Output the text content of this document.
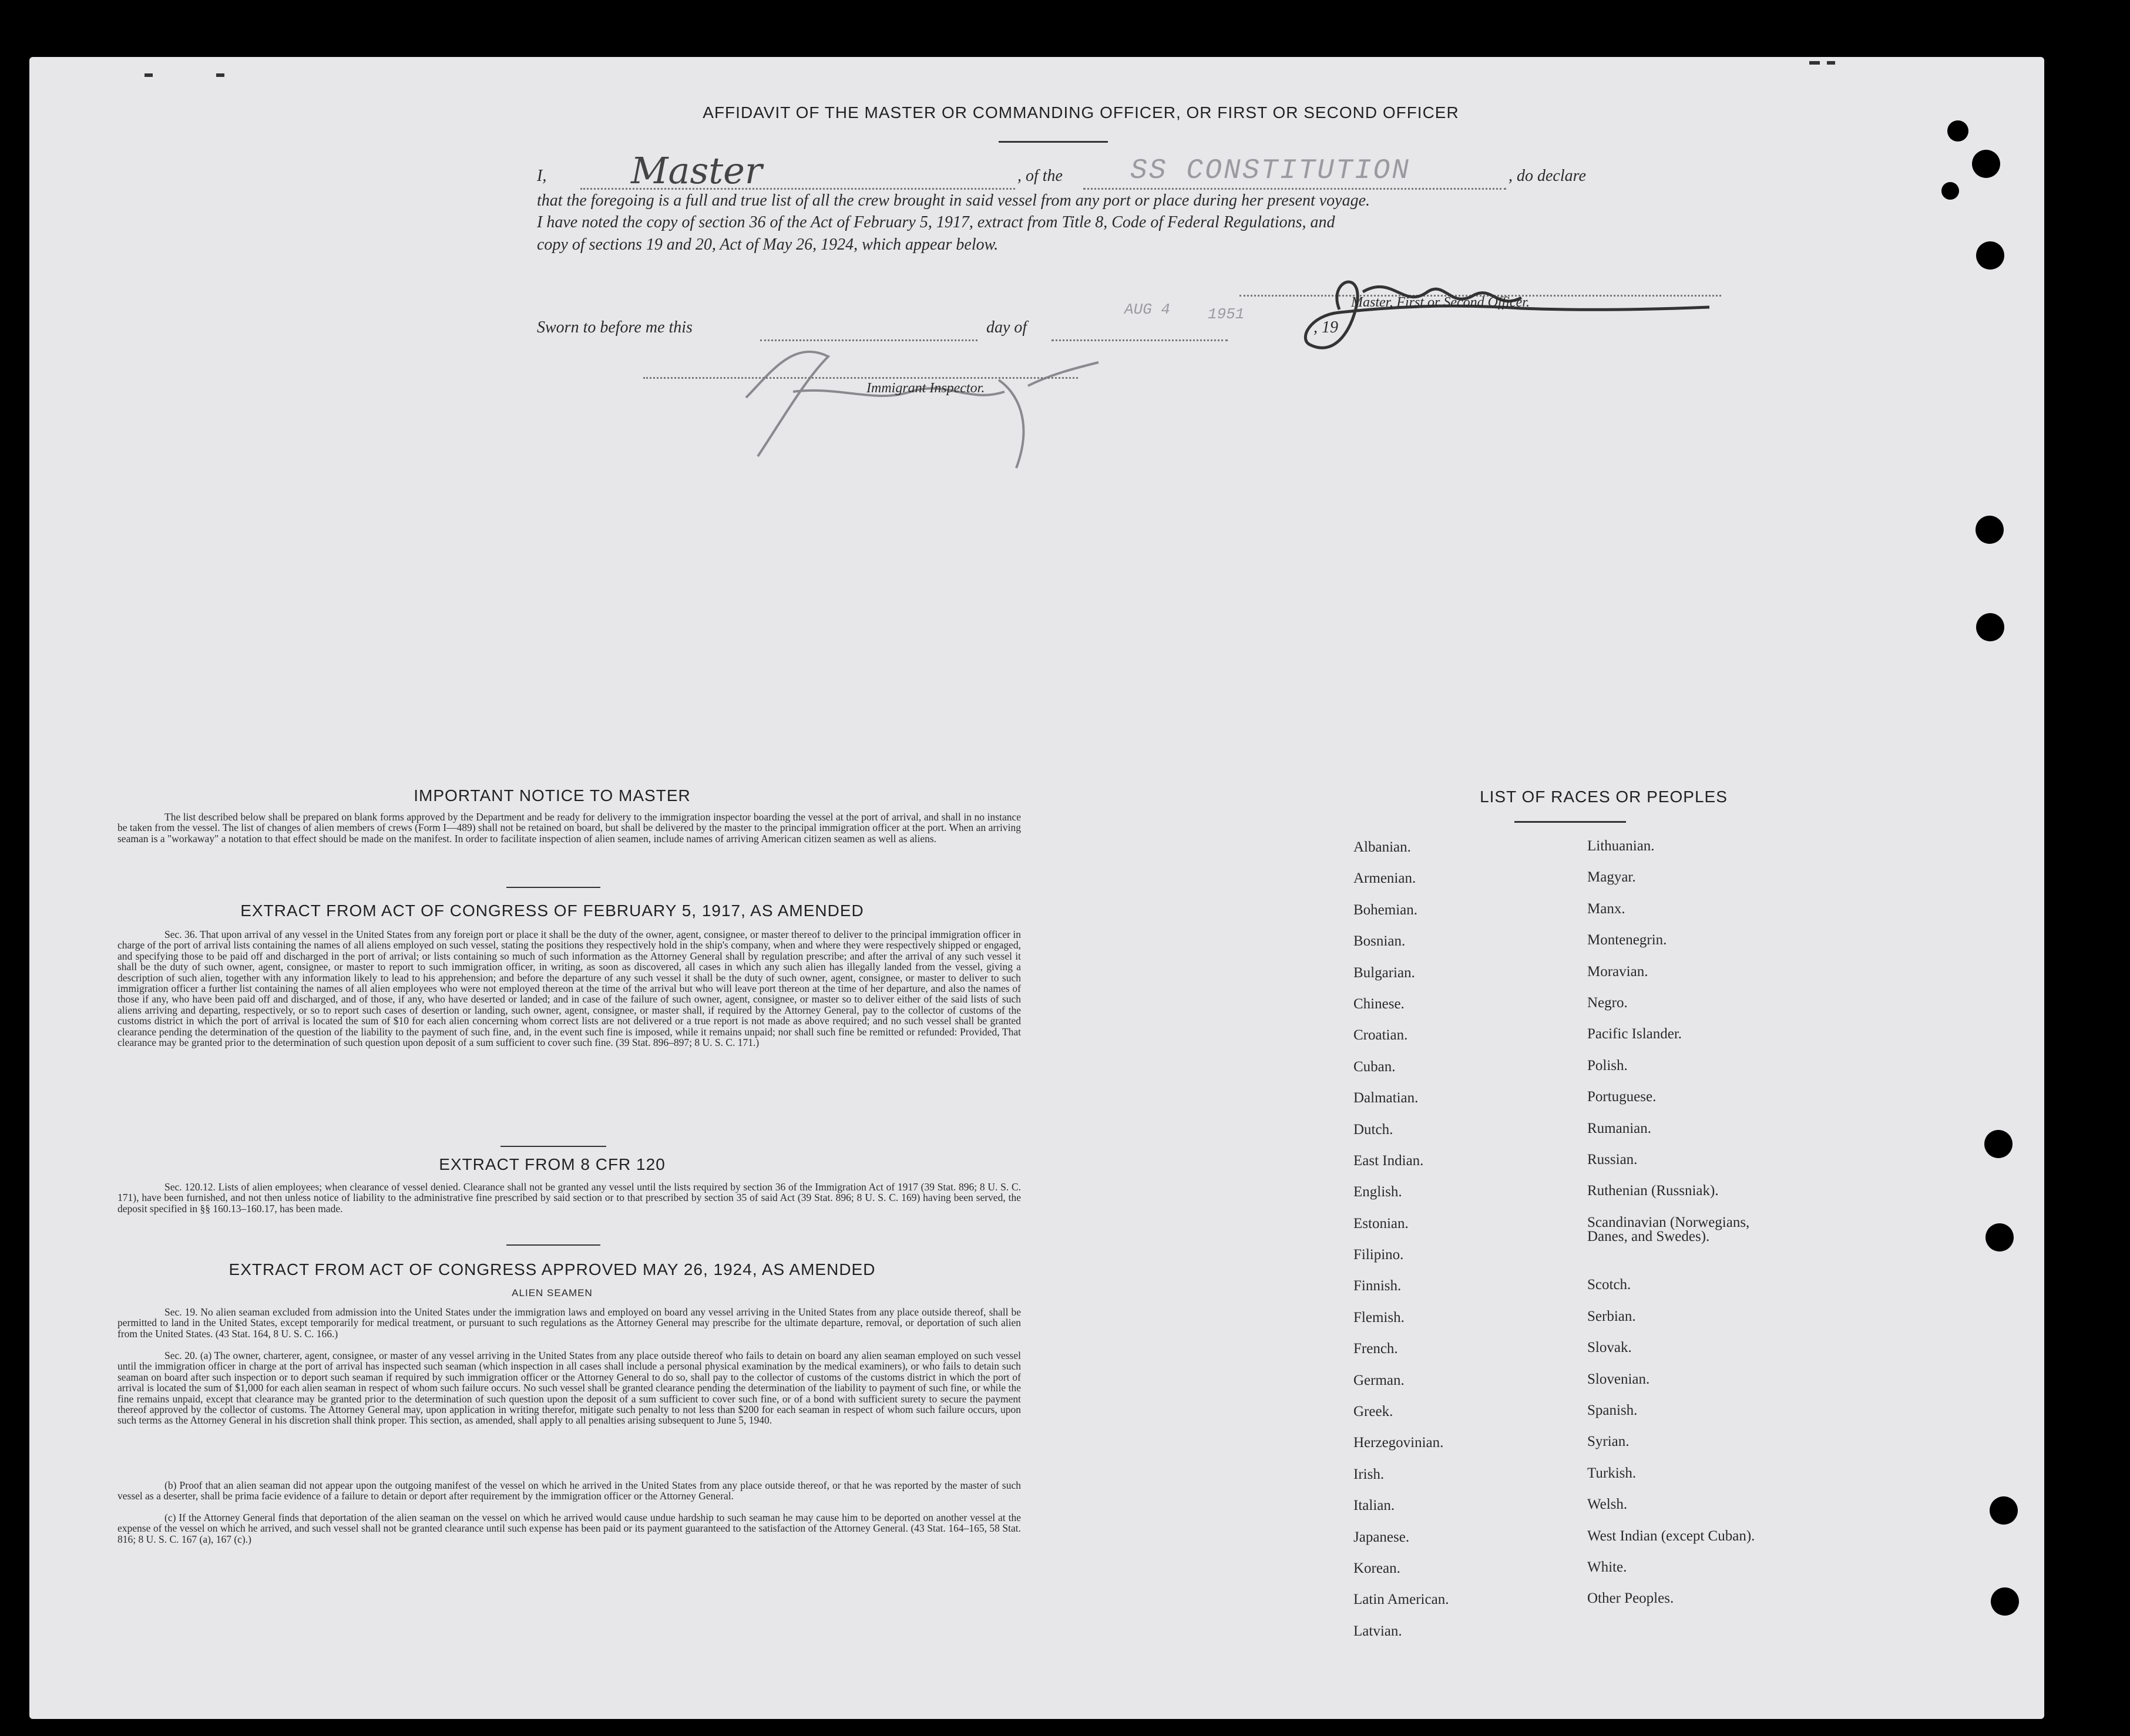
AFFIDAVIT OF THE MASTER OR COMMANDING OFFICER, OR FIRST OR SECOND OFFICER
I, Master	, of the SS CONSTITUTION	, do declare
that the foregoing is a full and true list of all the crew brought in said vessel from any port or place during her present voyage.
I have noted the copy of section 36 of the Act of February 5, 1917, extract from Title 8, Code of Federal Regulations, and
copy of sections 19 and 20, Act of May 26, 1924, which appear below.
Master, First or Second Officer.
Sworn to before me this	day of
AUG 4 1951
, 19
Immigrant Inspector.
IMPORTANT NOTICE TO MASTER
The list described below shall be prepared on blank forms approved by the Department and be ready for delivery to the immigration inspector boarding the vessel at the port of arrival, and shall in no instance be taken from the vessel. The list of changes of alien members of crews (Form I—489) shall not be retained on board, but shall be delivered by the master to the principal immigration officer at the port. When an arriving seaman is a "workaway" a notation to that effect should be made on the manifest. In order to facilitate inspection of alien seamen, include names of arriving American citizen seamen as well as aliens.
EXTRACT FROM ACT OF CONGRESS OF FEBRUARY 5, 1917, AS AMENDED
Sec. 36. That upon arrival of any vessel in the United States from any foreign port or place it shall be the duty of the owner, agent, consignee, or master thereof to deliver to the principal immigration officer in charge of the port of arrival lists containing the names of all aliens employed on such vessel, stating the positions they respectively hold in the ship's company, when and where they were respectively shipped or engaged, and specifying those to be paid off and discharged in the port of arrival; or lists containing so much of such information as the Attorney General shall by regulation prescribe; and after the arrival of any such vessel it shall be the duty of such owner, agent, consignee, or master to report to such immigration officer, in writing, as soon as discovered, all cases in which any such alien has illegally landed from the vessel, giving a description of such alien, together with any information likely to lead to his apprehension; and before the departure of any such vessel it shall be the duty of such owner, agent, consignee, or master to deliver to such immigration officer a further list containing the names of all alien employees who were not employed thereon at the time of the arrival but who will leave port thereon at the time of her departure, and also the names of those if any, who have been paid off and discharged, and of those, if any, who have deserted or landed; and in case of the failure of such owner, agent, consignee, or master so to deliver either of the said lists of such aliens arriving and departing, respectively, or so to report such cases of desertion or landing, such owner, agent, consignee, or master shall, if required by the Attorney General, pay to the collector of customs of the customs district in which the port of arrival is located the sum of $10 for each alien concerning whom correct lists are not delivered or a true report is not made as above required; and no such vessel shall be granted clearance pending the determination of the question of the liability to the payment of such fine, and, in the event such fine is imposed, while it remains unpaid; nor shall such fine be remitted or refunded: Provided, That clearance may be granted prior to the determination of such question upon deposit of a sum sufficient to cover such fine. (39 Stat. 896–897; 8 U. S. C. 171.)
EXTRACT FROM 8 CFR 120
Sec. 120.12. Lists of alien employees; when clearance of vessel denied. Clearance shall not be granted any vessel until the lists required by section 36 of the Immigration Act of 1917 (39 Stat. 896; 8 U. S. C. 171), have been furnished, and not then unless notice of liability to the administrative fine prescribed by said section or to that prescribed by section 35 of said Act (39 Stat. 896; 8 U. S. C. 169) having been served, the deposit specified in §§ 160.13–160.17, has been made.
EXTRACT FROM ACT OF CONGRESS APPROVED MAY 26, 1924, AS AMENDED
ALIEN SEAMEN
Sec. 19. No alien seaman excluded from admission into the United States under the immigration laws and employed on board any vessel arriving in the United States from any place outside thereof, shall be permitted to land in the United States, except temporarily for medical treatment, or pursuant to such regulations as the Attorney General may prescribe for the ultimate departure, removal, or deportation of such alien from the United States. (43 Stat. 164, 8 U. S. C. 166.)
Sec. 20. (a) The owner, charterer, agent, consignee, or master of any vessel arriving in the United States from any place outside thereof who fails to detain on board any alien seaman employed on such vessel until the immigration officer in charge at the port of arrival has inspected such seaman (which inspection in all cases shall include a personal physical examination by the medical examiners), or who fails to detain such seaman on board after such inspection or to deport such seaman if required by such immigration officer or the Attorney General to do so, shall pay to the collector of customs of the customs district in which the port of arrival is located the sum of $1,000 for each alien seaman in respect of whom such failure occurs. No such vessel shall be granted clearance pending the determination of the liability to payment of such fine, or while the fine remains unpaid, except that clearance may be granted prior to the determination of such question upon the deposit of a sum sufficient to cover such fine, or of a bond with sufficient surety to secure the payment thereof approved by the collector of customs. The Attorney General may, upon application in writing therefor, mitigate such penalty to not less than $200 for each seaman in respect of whom such failure occurs, upon such terms as the Attorney General in his discretion shall think proper. This section, as amended, shall apply to all penalties arising subsequent to June 5, 1940.
(b) Proof that an alien seaman did not appear upon the outgoing manifest of the vessel on which he arrived in the United States from any place outside thereof, or that he was reported by the master of such vessel as a deserter, shall be prima facie evidence of a failure to detain or deport after requirement by the immigration officer or the Attorney General.
(c) If the Attorney General finds that deportation of the alien seaman on the vessel on which he arrived would cause undue hardship to such seaman he may cause him to be deported on another vessel at the expense of the vessel on which he arrived, and such vessel shall not be granted clearance until such expense has been paid or its payment guaranteed to the satisfaction of the Attorney General. (43 Stat. 164–165, 58 Stat. 816; 8 U. S. C. 167 (a), 167 (c).)
LIST OF RACES OR PEOPLES
Albanian.	Lithuanian.
Armenian.	Magyar.
Bohemian.	Manx.
Bosnian.	Montenegrin.
Bulgarian.	Moravian.
Chinese.	Negro.
Croatian.	Pacific Islander.
Cuban.	Polish.
Dalmatian.	Portuguese.
Dutch.	Rumanian.
East Indian.	Russian.
English.	Ruthenian (Russniak).
Estonian.	Scandinavian (Norwegians,
Danes, and Swedes).
Filipino.	
Finnish.	Scotch.
Flemish.	Serbian.
French.	Slovak.
German.	Slovenian.
Greek.	Spanish.
Herzegovinian.	Syrian.
Irish.	Turkish.
Italian.	Welsh.
Japanese.	West Indian (except Cuban).
Korean.	White.
Latin American.	Other Peoples.
Latvian.	
